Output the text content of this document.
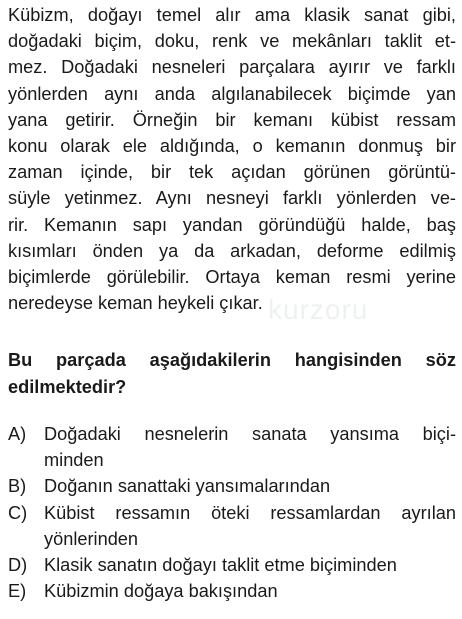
Kübizm, doğayı temel alır ama klasik sanat gibi,
doğadaki biçim, doku, renk ve mekânları taklit et-
mez. Doğadaki nesneleri parçalara ayırır ve farklı
yönlerden aynı anda algılanabilecek biçimde yan
yana getirir. Örneğin bir kemanı kübist ressam
konu olarak ele aldığında, o kemanın donmuş bir
zaman içinde, bir tek açıdan görünen görüntü-
süyle yetinmez. Aynı nesneyi farklı yönlerden ve-
rir. Kemanın sapı yandan göründüğü halde, baş
kısımları önden ya da arkadan, deforme edilmiş
biçimlerde görülebilir. Ortaya keman resmi yerine
neredeyse keman heykeli çıkar. kurzoru
Bu parçada aşağıdakilerin hangisinden söz
edilmektedir?
A) Doğadaki nesnelerin sanata yansıma biçi-
minden
B) Doğanın sanattaki yansımalarından
C) Kübist ressamın öteki ressamlardan ayrılan
yönlerinden
D) Klasik sanatın doğayı taklit etme biçiminden
E) Kübizmin doğaya bakışından
